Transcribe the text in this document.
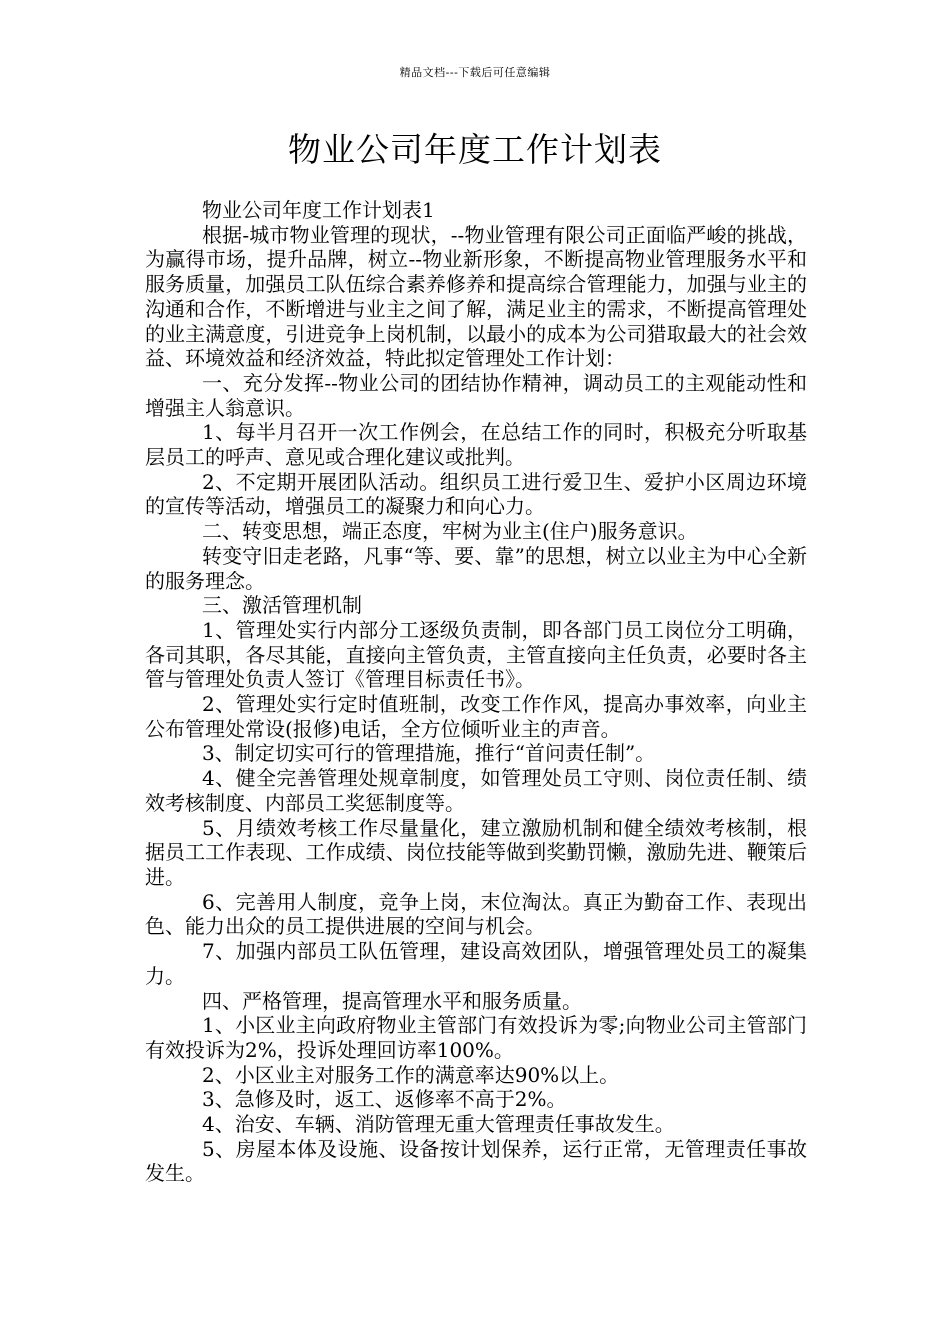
精品文档---下载后可任意编辑
物业公司年度工作计划表

物业公司年度工作计划表1

根据-城市物业管理的现状，--物业管理有限公司正面临严峻的挑战，为赢得市场，提升品牌，树立--物业新形象，不断提高物业管理服务水平和服务质量，加强员工队伍综合素养修养和提高综合管理能力，加强与业主的沟通和合作，不断增进与业主之间了解，满足业主的需求，不断提高管理处的业主满意度，引进竞争上岗机制，以最小的成本为公司猎取最大的社会效益、环境效益和经济效益，特此拟定管理处工作计划：

一、充分发挥--物业公司的团结协作精神，调动员工的主观能动性和增强主人翁意识。

1、每半月召开一次工作例会，在总结工作的同时，积极充分听取基层员工的呼声、意见或合理化建议或批判。

2、不定期开展团队活动。组织员工进行爱卫生、爱护小区周边环境的宣传等活动，增强员工的凝聚力和向心力。

二、转变思想，端正态度，牢树为业主(住户)服务意识。

转变守旧走老路，凡事“等、要、靠”的思想，树立以业主为中心全新的服务理念。

三、激活管理机制

1、管理处实行内部分工逐级负责制，即各部门员工岗位分工明确，各司其职，各尽其能，直接向主管负责，主管直接向主任负责，必要时各主管与管理处负责人签订《管理目标责任书》。

2、管理处实行定时值班制，改变工作作风，提高办事效率，向业主公布管理处常设(报修)电话，全方位倾听业主的声音。

3、制定切实可行的管理措施，推行“首问责任制”。

4、健全完善管理处规章制度，如管理处员工守则、岗位责任制、绩效考核制度、内部员工奖惩制度等。

5、月绩效考核工作尽量量化，建立激励机制和健全绩效考核制，根据员工工作表现、工作成绩、岗位技能等做到奖勤罚懒，激励先进、鞭策后进。

6、完善用人制度，竞争上岗，末位淘汰。真正为勤奋工作、表现出色、能力出众的员工提供进展的空间与机会。

7、加强内部员工队伍管理，建设高效团队，增强管理处员工的凝集力。

四、严格管理，提高管理水平和服务质量。

1、小区业主向政府物业主管部门有效投诉为零;向物业公司主管部门有效投诉为2%，投诉处理回访率100%。

2、小区业主对服务工作的满意率达90%以上。

3、急修及时，返工、返修率不高于2%。

4、治安、车辆、消防管理无重大管理责任事故发生。

5、房屋本体及设施、设备按计划保养，运行正常，无管理责任事故发生。
